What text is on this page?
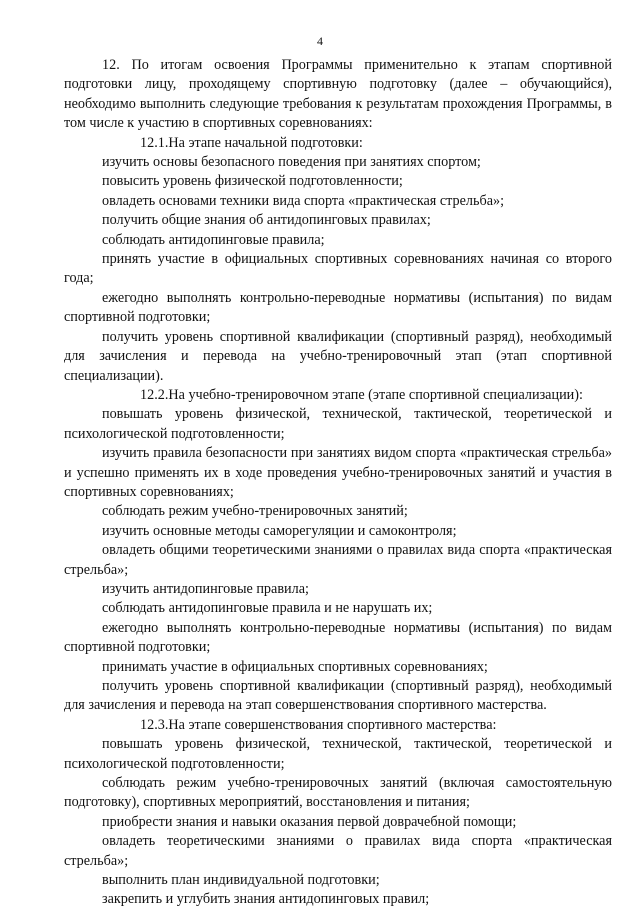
4

12. По итогам освоения Программы применительно к этапам спортивной подготовки лицу, проходящему спортивную подготовку (далее – обучающийся), необходимо выполнить следующие требования к результатам прохождения Программы, в том числе к участию в спортивных соревнованиях:

12.1.На этапе начальной подготовки:

изучить основы безопасного поведения при занятиях спортом;

повысить уровень физической подготовленности;

овладеть основами техники вида спорта «практическая стрельба»;

получить общие знания об антидопинговых правилах;

соблюдать антидопинговые правила;

принять участие в официальных спортивных соревнованиях начиная со второго года;

ежегодно выполнять контрольно-переводные нормативы (испытания) по видам спортивной подготовки;

получить уровень спортивной квалификации (спортивный разряд), необходимый для зачисления и перевода на учебно-тренировочный этап (этап спортивной специализации).

12.2.На учебно-тренировочном этапе (этапе спортивной специализации):

повышать уровень физической, технической, тактической, теоретической и психологической подготовленности;

изучить правила безопасности при занятиях видом спорта «практическая стрельба» и успешно применять их в ходе проведения учебно-тренировочных занятий и участия в спортивных соревнованиях;

соблюдать режим учебно-тренировочных занятий;

изучить основные методы саморегуляции и самоконтроля;

овладеть общими теоретическими знаниями о правилах вида спорта «практическая стрельба»;

изучить антидопинговые правила;

соблюдать антидопинговые правила и не нарушать их;

ежегодно выполнять контрольно-переводные нормативы (испытания) по видам спортивной подготовки;

принимать участие в официальных спортивных соревнованиях;

получить уровень спортивной квалификации (спортивный разряд), необходимый для зачисления и перевода на этап совершенствования спортивного мастерства.

12.3.На этапе совершенствования спортивного мастерства:

повышать уровень физической, технической, тактической, теоретической и психологической подготовленности;

соблюдать режим учебно-тренировочных занятий (включая самостоятельную подготовку), спортивных мероприятий, восстановления и питания;

приобрести знания и навыки оказания первой доврачебной помощи;

овладеть теоретическими знаниями о правилах вида спорта «практическая стрельба»;

выполнить план индивидуальной подготовки;

закрепить и углубить знания антидопинговых правил;
